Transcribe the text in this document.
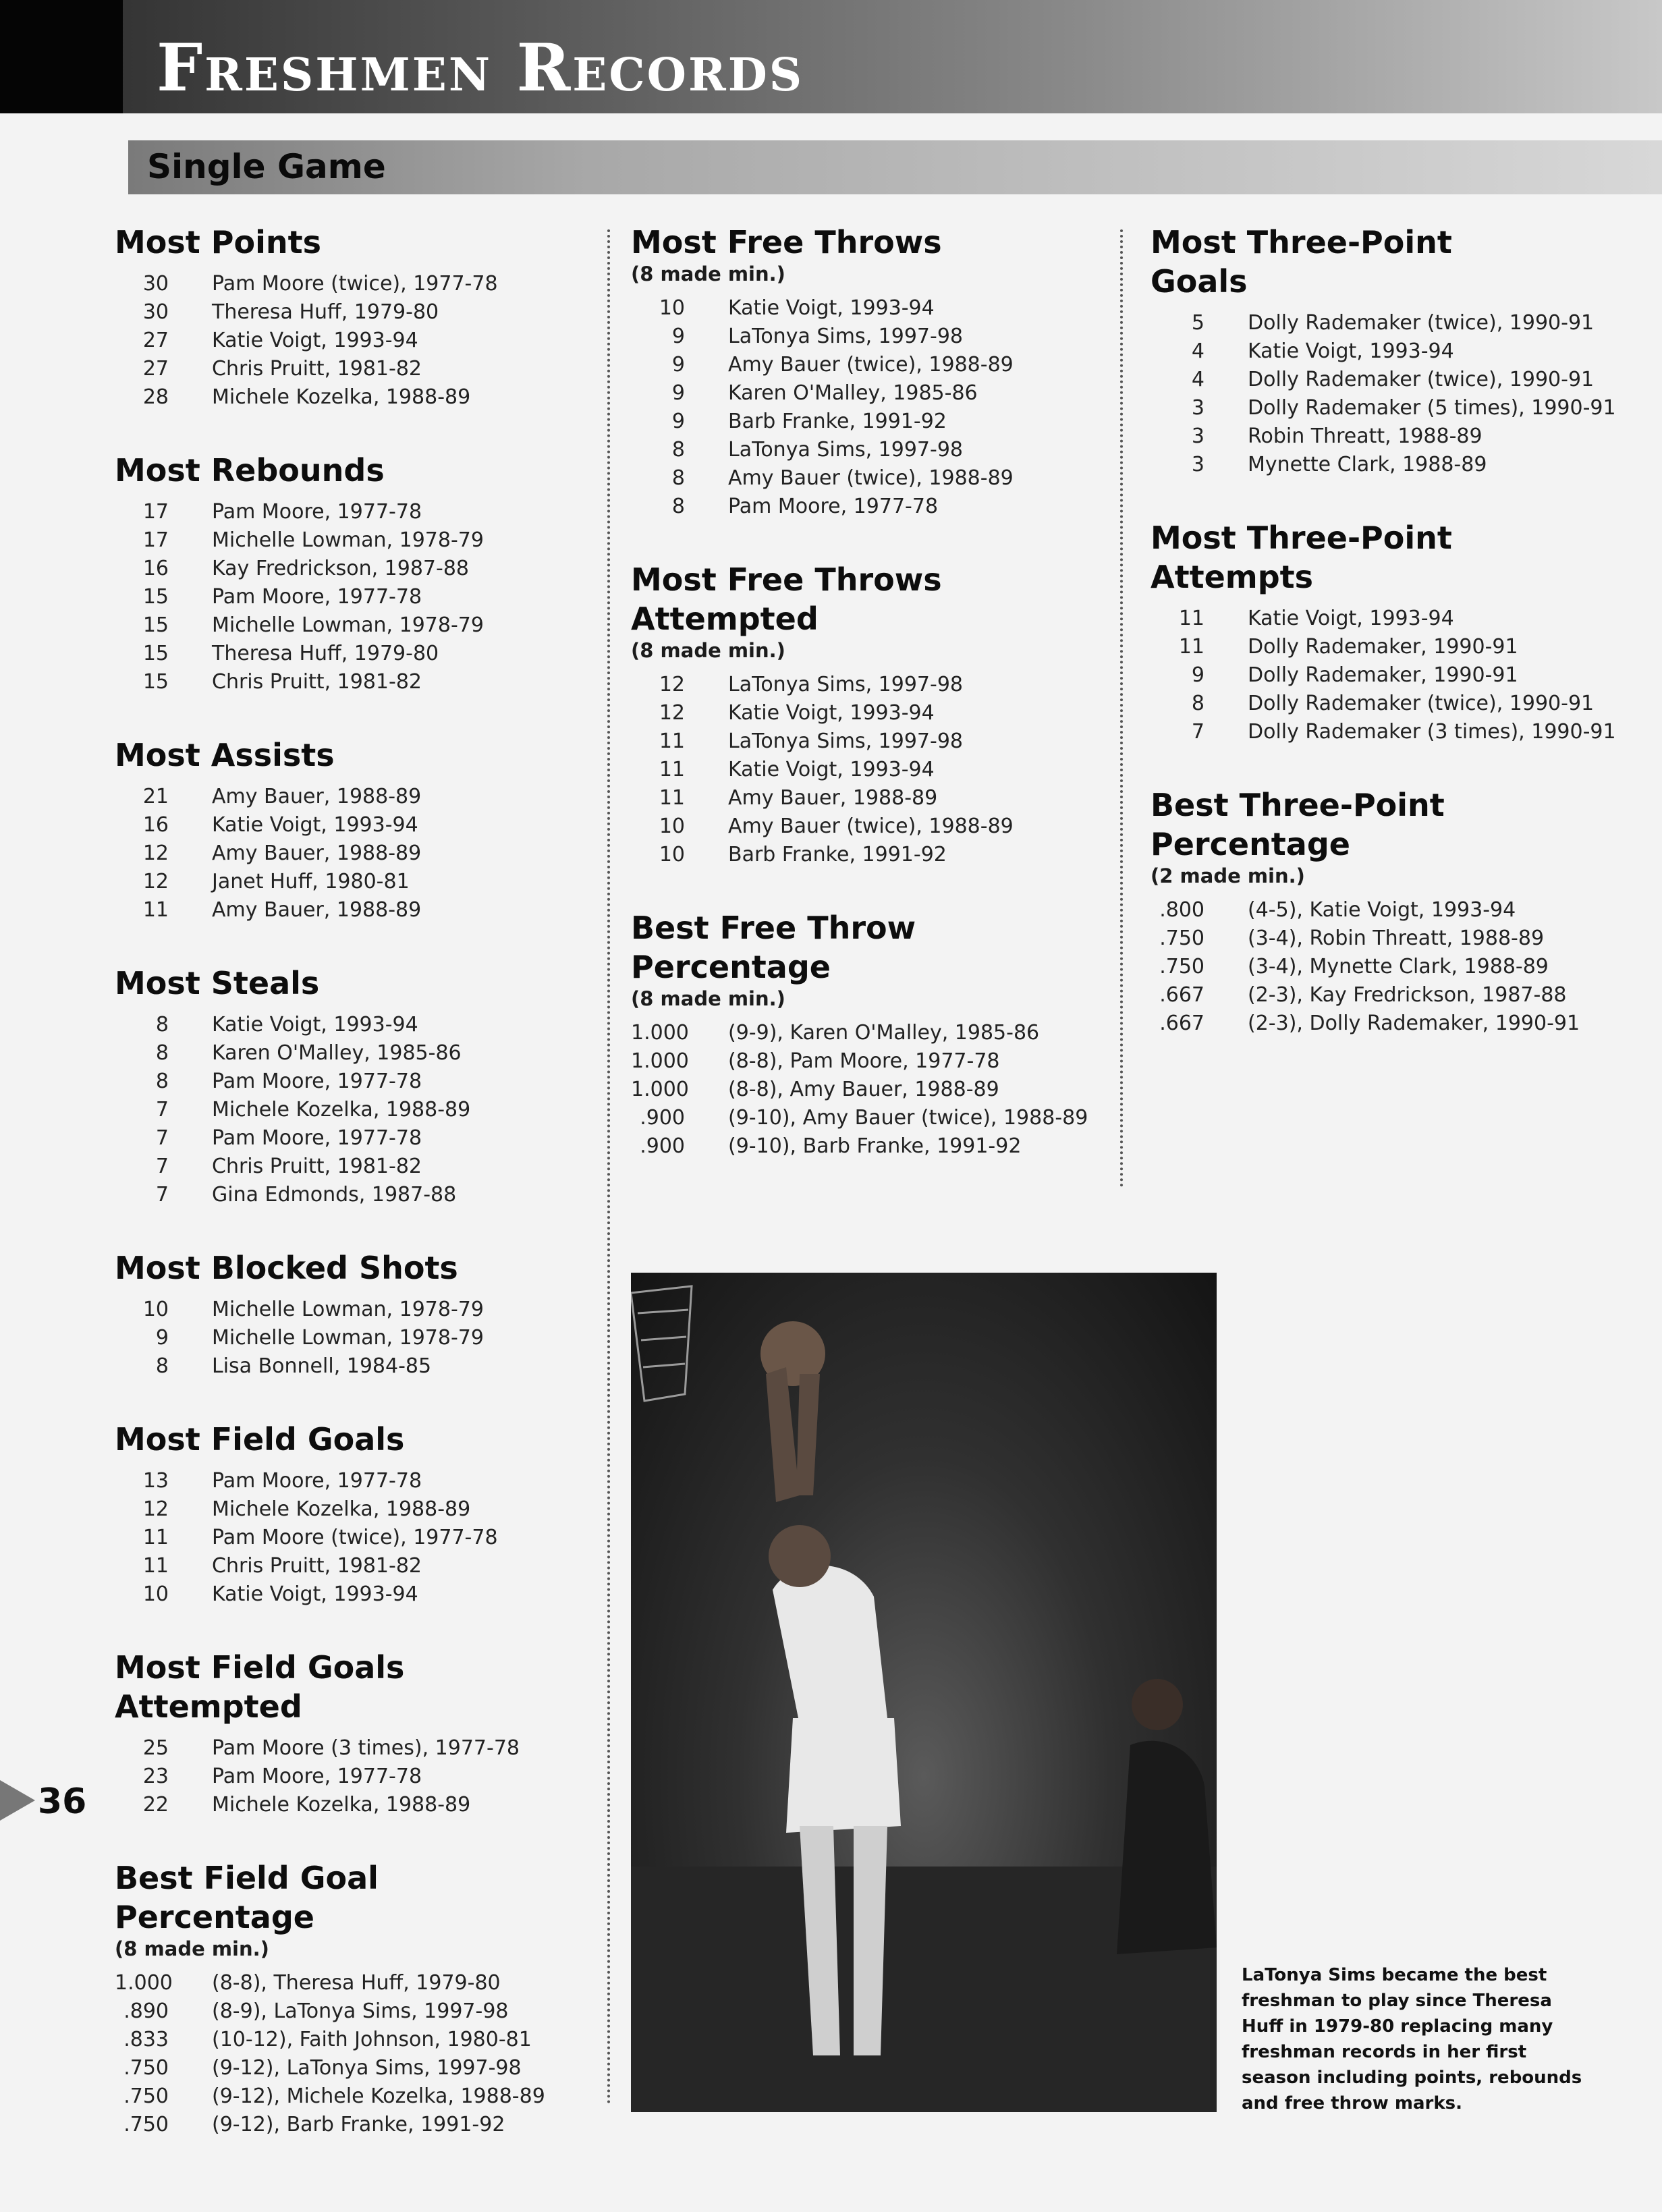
Freshmen Records
Single Game
Most Points
30 Pam Moore (twice), 1977-78
30 Theresa Huff, 1979-80
27 Katie Voigt, 1993-94
27 Chris Pruitt, 1981-82
28 Michele Kozelka, 1988-89
Most Rebounds
17 Pam Moore, 1977-78
17 Michelle Lowman, 1978-79
16 Kay Fredrickson, 1987-88
15 Pam Moore, 1977-78
15 Michelle Lowman, 1978-79
15 Theresa Huff, 1979-80
15 Chris Pruitt, 1981-82
Most Assists
21 Amy Bauer, 1988-89
16 Katie Voigt, 1993-94
12 Amy Bauer, 1988-89
12 Janet Huff, 1980-81
11 Amy Bauer, 1988-89
Most Steals
8 Katie Voigt, 1993-94
8 Karen O'Malley, 1985-86
8 Pam Moore, 1977-78
7 Michele Kozelka, 1988-89
7 Pam Moore, 1977-78
7 Chris Pruitt, 1981-82
7 Gina Edmonds, 1987-88
Most Blocked Shots
10 Michelle Lowman, 1978-79
9 Michelle Lowman, 1978-79
8 Lisa Bonnell, 1984-85
Most Field Goals
13 Pam Moore, 1977-78
12 Michele Kozelka, 1988-89
11 Pam Moore (twice), 1977-78
11 Chris Pruitt, 1981-82
10 Katie Voigt, 1993-94
Most Field Goals Attempted
25 Pam Moore (3 times), 1977-78
23 Pam Moore, 1977-78
22 Michele Kozelka, 1988-89
Best Field Goal Percentage

(8 made min.)

1.000 (8-8), Theresa Huff, 1979-80
.890 (8-9), LaTonya Sims, 1997-98
.833 (10-12), Faith Johnson, 1980-81
.750 (9-12), LaTonya Sims, 1997-98
.750 (9-12), Michele Kozelka, 1988-89
.750 (9-12), Barb Franke, 1991-92
Most Free Throws

(8 made min.)

10 Katie Voigt, 1993-94
9 LaTonya Sims, 1997-98
9 Amy Bauer (twice), 1988-89
9 Karen O'Malley, 1985-86
9 Barb Franke, 1991-92
8 LaTonya Sims, 1997-98
8 Amy Bauer (twice), 1988-89
8 Pam Moore, 1977-78
Most Free Throws Attempted

(8 made min.)

12 LaTonya Sims, 1997-98
12 Katie Voigt, 1993-94
11 LaTonya Sims, 1997-98
11 Katie Voigt, 1993-94
11 Amy Bauer, 1988-89
10 Amy Bauer (twice), 1988-89
10 Barb Franke, 1991-92
Best Free Throw Percentage

(8 made min.)

1.000 (9-9), Karen O'Malley, 1985-86
1.000 (8-8), Pam Moore, 1977-78
1.000 (8-8), Amy Bauer, 1988-89
.900 (9-10), Amy Bauer (twice), 1988-89
.900 (9-10), Barb Franke, 1991-92
Most Three-Point Goals
5 Dolly Rademaker (twice), 1990-91
4 Katie Voigt, 1993-94
4 Dolly Rademaker (twice), 1990-91
3 Dolly Rademaker (5 times), 1990-91
3 Robin Threatt, 1988-89
3 Mynette Clark, 1988-89
Most Three-Point Attempts
11 Katie Voigt, 1993-94
11 Dolly Rademaker, 1990-91
9 Dolly Rademaker, 1990-91
8 Dolly Rademaker (twice), 1990-91
7 Dolly Rademaker (3 times), 1990-91
Best Three-Point Percentage

(2 made min.)

.800 (4-5), Katie Voigt, 1993-94
.750 (3-4), Robin Threatt, 1988-89
.750 (3-4), Mynette Clark, 1988-89
.667 (2-3), Kay Fredrickson, 1987-88
.667 (2-3), Dolly Rademaker, 1990-91

LaTonya Sims became the best freshman to play since Theresa Huff in 1979-80 replacing many freshman records in her first season including points, rebounds and free throw marks.

36
